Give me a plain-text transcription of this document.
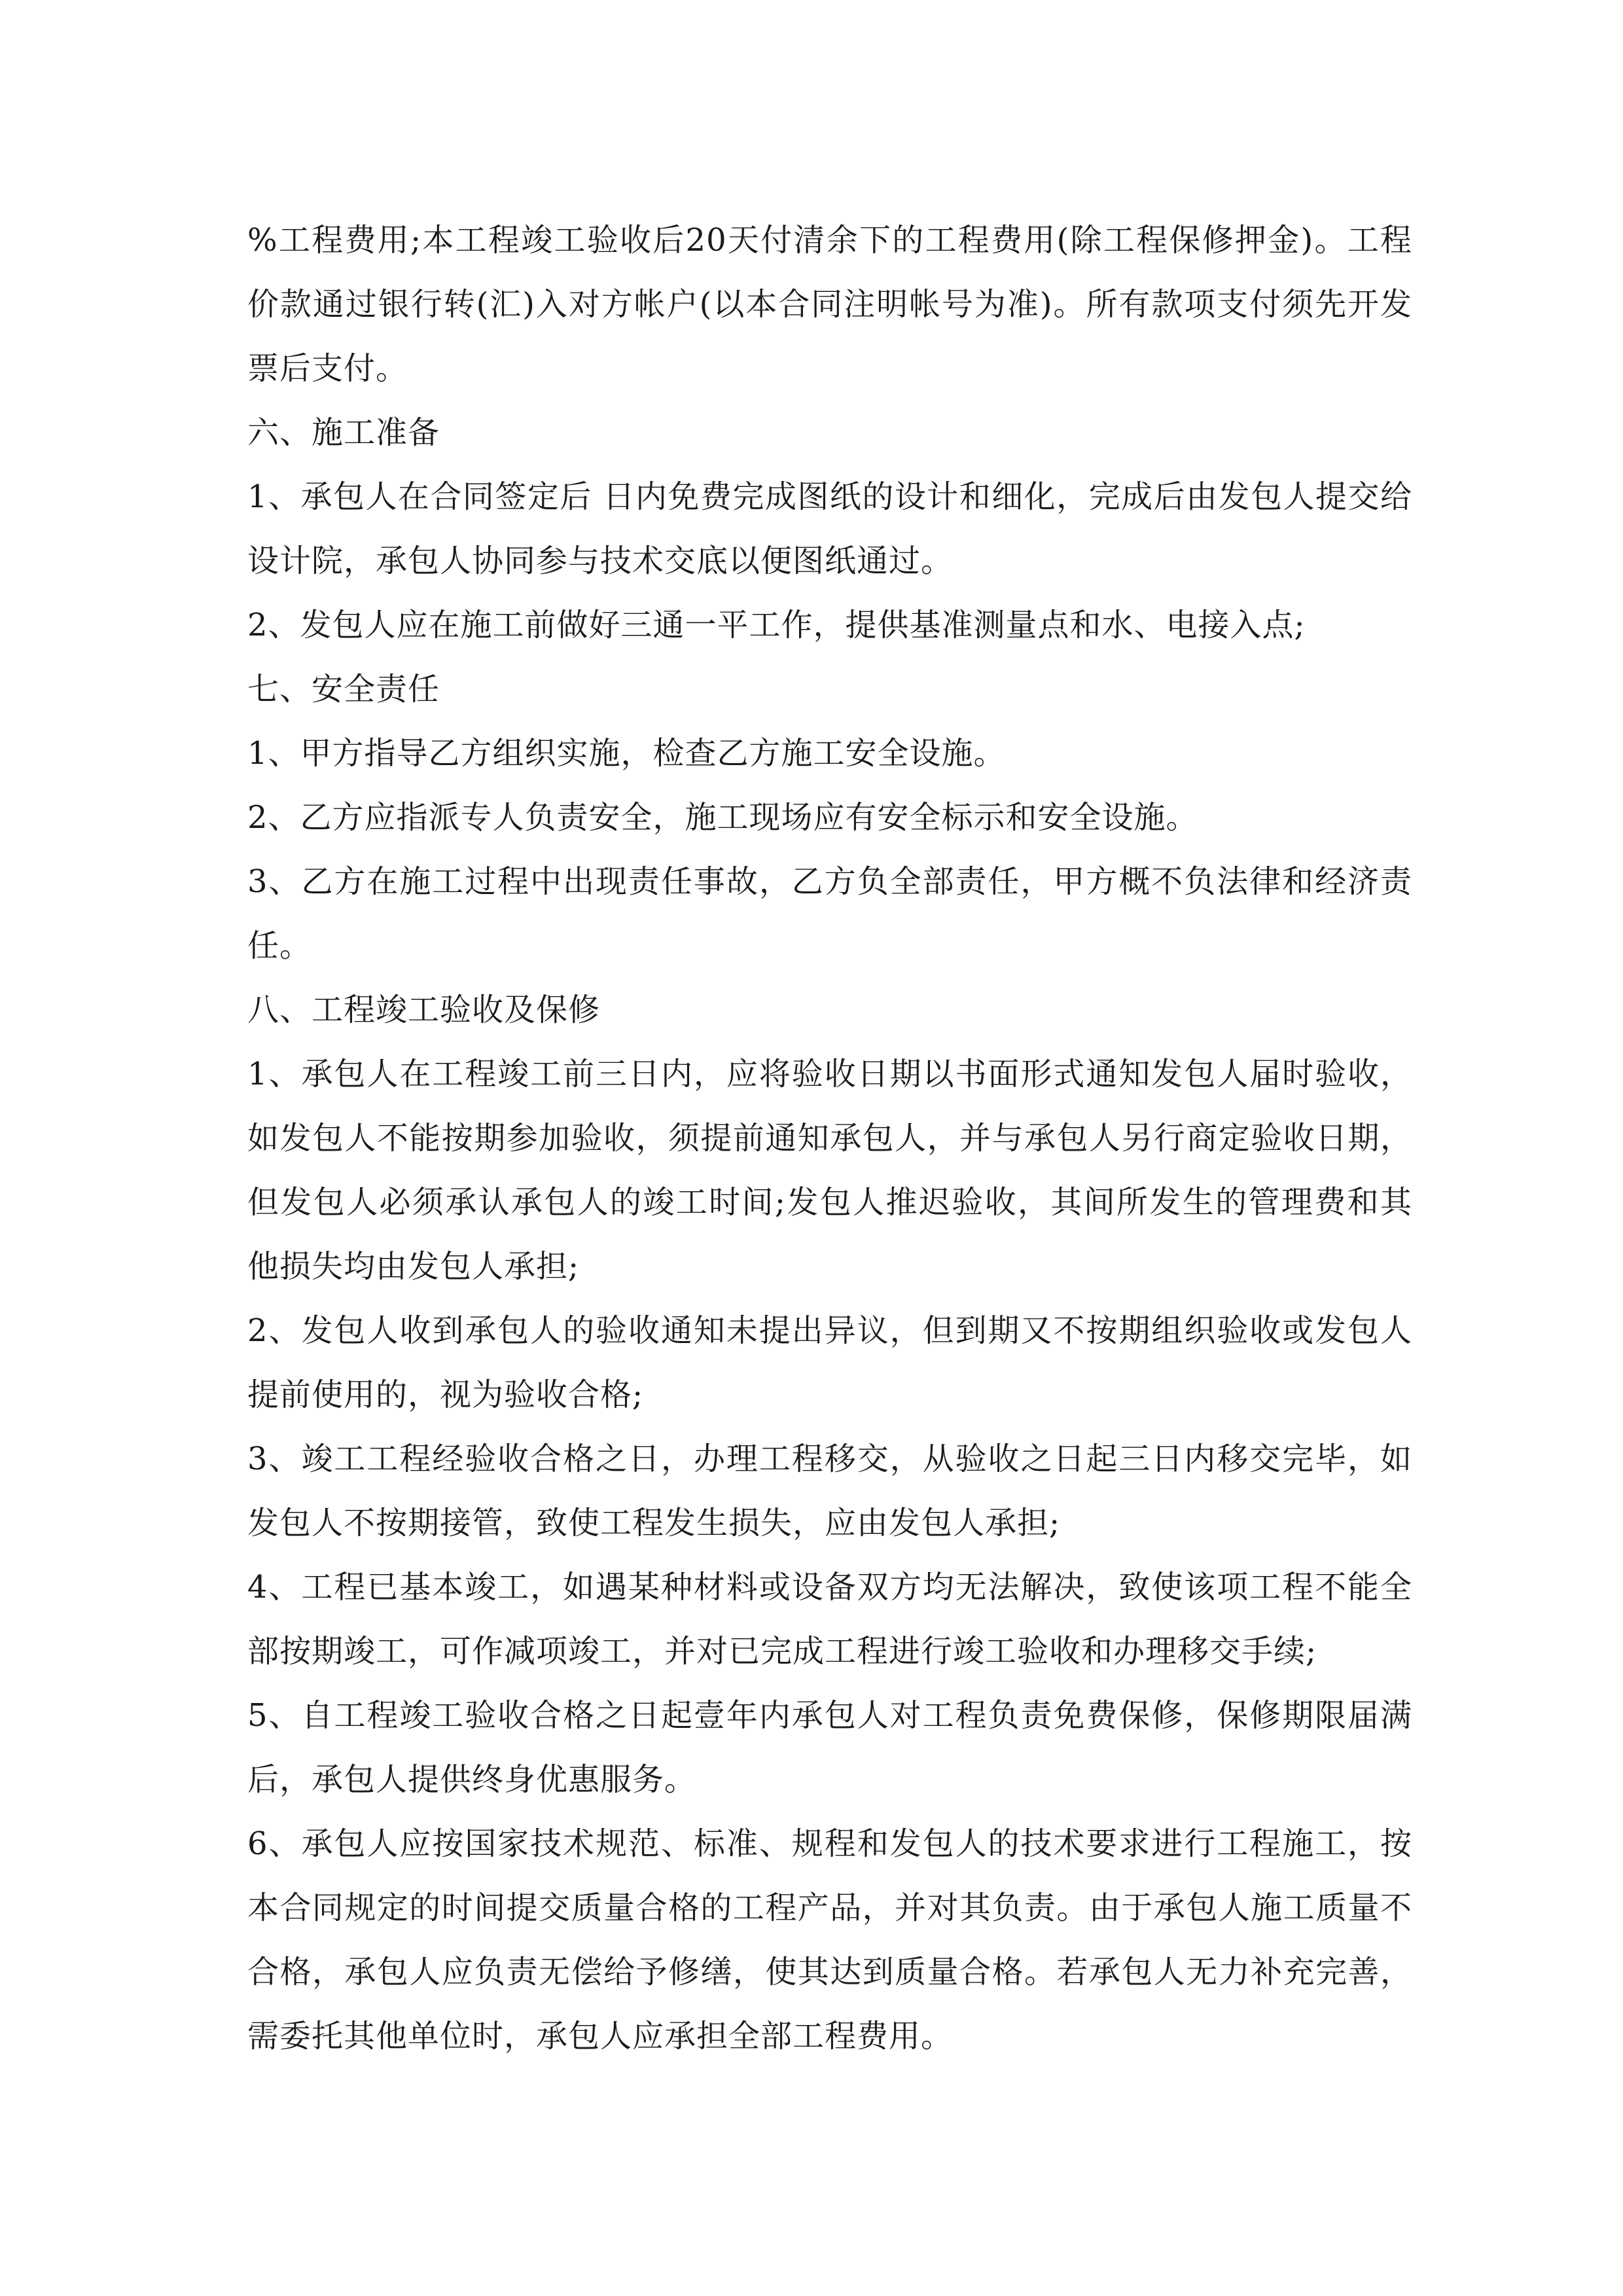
%工程费用;本工程竣工验收后20天付清余下的工程费用(除工程保修押金)。工程价款通过银行转(汇)入对方帐户(以本合同注明帐号为准)。所有款项支付须先开发票后支付。

六、施工准备

1、承包人在合同签定后 日内免费完成图纸的设计和细化，完成后由发包人提交给设计院，承包人协同参与技术交底以便图纸通过。

2、发包人应在施工前做好三通一平工作，提供基准测量点和水、电接入点;

七、安全责任

1、甲方指导乙方组织实施，检查乙方施工安全设施。

2、乙方应指派专人负责安全，施工现场应有安全标示和安全设施。

3、乙方在施工过程中出现责任事故，乙方负全部责任，甲方概不负法律和经济责任。

八、工程竣工验收及保修

1、承包人在工程竣工前三日内，应将验收日期以书面形式通知发包人届时验收，如发包人不能按期参加验收，须提前通知承包人，并与承包人另行商定验收日期，但发包人必须承认承包人的竣工时间;发包人推迟验收，其间所发生的管理费和其他损失均由发包人承担;

2、发包人收到承包人的验收通知未提出异议，但到期又不按期组织验收或发包人提前使用的，视为验收合格;

3、竣工工程经验收合格之日，办理工程移交，从验收之日起三日内移交完毕，如发包人不按期接管，致使工程发生损失，应由发包人承担;

4、工程已基本竣工，如遇某种材料或设备双方均无法解决，致使该项工程不能全部按期竣工，可作减项竣工，并对已完成工程进行竣工验收和办理移交手续;

5、自工程竣工验收合格之日起壹年内承包人对工程负责免费保修，保修期限届满后，承包人提供终身优惠服务。

6、承包人应按国家技术规范、标准、规程和发包人的技术要求进行工程施工，按本合同规定的时间提交质量合格的工程产品，并对其负责。由于承包人施工质量不合格，承包人应负责无偿给予修缮，使其达到质量合格。若承包人无力补充完善，需委托其他单位时，承包人应承担全部工程费用。
